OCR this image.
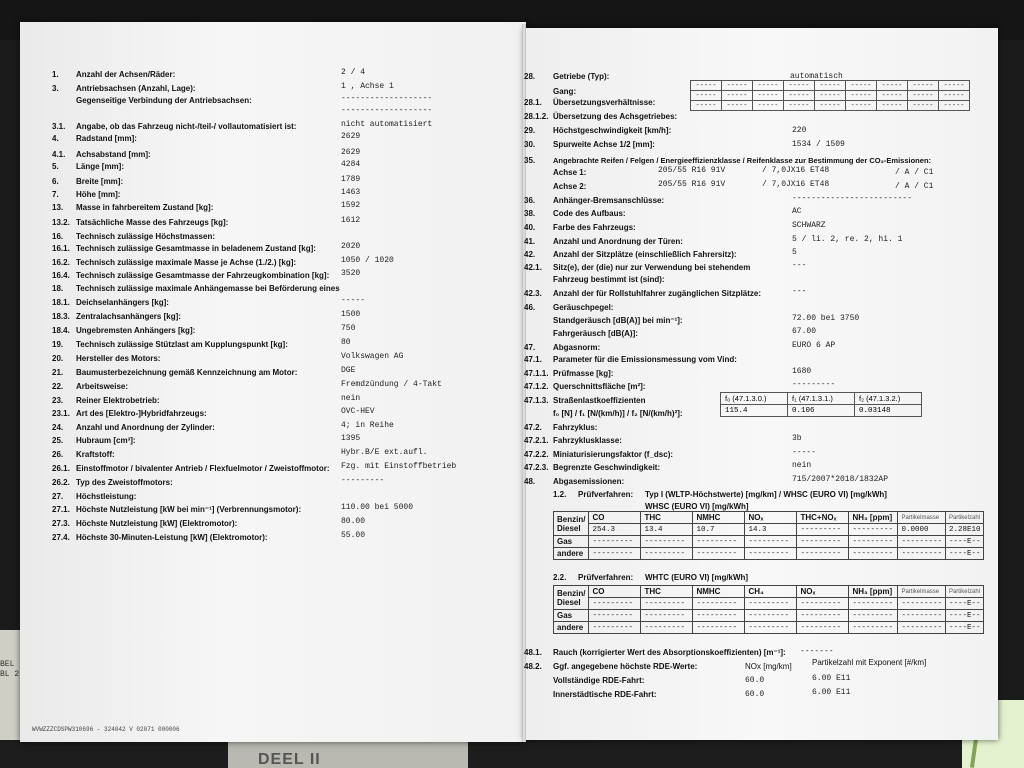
BEL
BL 2
DEEL II
1. Anzahl der Achsen/Räder:	2 / 4
3. Antriebsachsen (Anzahl, Lage):	1 , Achse 1
Gegenseitige Verbindung der Antriebsachsen:	-------------------
-------------------
3.1. Angabe, ob das Fahrzeug nicht-/teil-/ vollautomatisiert ist:	nicht automatisiert
4. Radstand [mm]:	2629
4.1. Achsabstand [mm]:	2629
5. Länge [mm]:	4284
6. Breite [mm]:	1789
7. Höhe [mm]:	1463
13. Masse in fahrbereitem Zustand [kg]:	1592
13.2. Tatsächliche Masse des Fahrzeugs [kg]:	1612
16. Technisch zulässige Höchstmassen:
16.1. Technisch zulässige Gesamtmasse in beladenem Zustand [kg]:	2020
16.2. Technisch zulässige maximale Masse je Achse (1./2.) [kg]:	1050 / 1020
16.4. Technisch zulässige Gesamtmasse der Fahrzeugkombination [kg]: 3520
18. Technisch zulässige maximale Anhängemasse bei Beförderung eines
18.1. Deichselanhängers [kg]:	-----
18.3. Zentralachsanhängers [kg]:	1500
18.4. Ungebremsten Anhängers [kg]:	750
19. Technisch zulässige Stützlast am Kupplungspunkt [kg]:	80
20. Hersteller des Motors:	Volkswagen AG
21. Baumusterbezeichnung gemäß Kennzeichnung am Motor:	DGE
22. Arbeitsweise:	Fremdzündung / 4-Takt
23. Reiner Elektrobetrieb:	nein
23.1. Art des [Elektro-]Hybridfahrzeugs:	OVC-HEV
24. Anzahl und Anordnung der Zylinder:	4; in Reihe
25. Hubraum [cm³]:	1395
26. Kraftstoff:	Hybr.B/E ext.aufl.
26.1. Einstoffmotor / bivalenter Antrieb / Flexfuelmotor / Zweistoffmotor: Fzg. mit Einstoffbetrieb
26.2. Typ des Zweistoffmotors:	---------
27. Höchstleistung:
27.1. Höchste Nutzleistung [kW bei min⁻¹] (Verbrennungsmotor):	110.00 bei 5000
27.3. Höchste Nutzleistung [kW] (Elektromotor):	80.00
27.4. Höchste 30-Minuten-Leistung [kW] (Elektromotor):	55.00
WVWZZZCDSPW310696 - 324042 V 02071 000006
28. Getriebe (Typ):	automatisch
Gang:
-----	-----	-----	-----	-----	-----	-----	-----	-----
-----	-----	-----	-----	-----	-----	-----	-----	-----
-----	-----	-----	-----	-----	-----	-----	-----	-----
28.1. Übersetzungsverhältnisse:
28.1.2. Übersetzung des Achsgetriebes:
29. Höchstgeschwindigkeit [km/h]:	220
30. Spurweite Achse 1/2 [mm]:	1534 / 1509
35. Angebrachte Reifen / Felgen / Energieeffizienzklasse / Reifenklasse zur Bestimmung der CO₂-Emissionen:
Achse 1:	205/55 R16 91V	/ 7,0JX16 ET48	/ A / C1
Achse 2:	205/55 R16 91V	/ 7,0JX16 ET48	/ A / C1
36. Anhänger-Bremsanschlüsse:	-------------------------
38. Code des Aufbaus:	AC
40. Farbe des Fahrzeugs:	SCHWARZ
41. Anzahl und Anordnung der Türen:	5 / li. 2, re. 2, hi. 1
42. Anzahl der Sitzplätze (einschließlich Fahrersitz):	5
42.1. Sitz(e), der (die) nur zur Verwendung bei stehendem	---
Fahrzeug bestimmt ist (sind):
42.3. Anzahl der für Rollstuhlfahrer zugänglichen Sitzplätze:	---
46. Geräuschpegel:
Standgeräusch [dB(A)] bei min⁻¹]:	72.00 bei 3750
Fahrgeräusch [dB(A)]:	67.00
47. Abgasnorm:	EURO 6 AP
47.1. Parameter für die Emissionsmessung vom Vind:
47.1.1. Prüfmasse [kg]:	1680
47.1.2. Querschnittsfläche [m²]:	---------
47.1.3. Straßenlastkoeffizienten
f₀ [N] / f₁ [N/(km/h)] / f₂ [N/(km/h)²]:
f₀ (47.1.3.0.)	f₁ (47.1.3.1.)	f₂ (47.1.3.2.)
115.4	0.106	0.03148
47.2. Fahrzyklus:
47.2.1. Fahrzyklusklasse:	3b
47.2.2. Miniaturisierungsfaktor (f_dsc):	-----
47.2.3. Begrenzte Geschwindigkeit:	nein
48. Abgasemissionen:	715/2007*2018/1832AP
1.2. Prüfverfahren: Typ I (WLTP-Höchstwerte) [mg/km] / WHSC (EURO VI) [mg/kWh]
WHSC (EURO VI) [mg/kWh]
Benzin/ Diesel	CO	THC	NMHC	NOₓ	THC+NOₓ	NH₃ [ppm]	Partikelmasse	Partikelzahl
	254.3	13.4	10.7	14.3	---------	---------	0.0000	2.28E10
Gas	---------	---------	---------	---------	---------	---------	---------	----E--
andere	---------	---------	---------	---------	---------	---------	---------	----E--
2.2. Prüfverfahren: WHTC (EURO VI) [mg/kWh]
Benzin/ Diesel	CO	THC	NMHC	CH₄	NOₓ	NH₃ [ppm]	Partikelmasse	Partikelzahl
	---------	---------	---------	---------	---------	---------	---------	----E--
Gas	---------	---------	---------	---------	---------	---------	---------	----E--
andere	---------	---------	---------	---------	---------	---------	---------	----E--
48.1. Rauch (korrigierter Wert des Absorptionskoeffizienten) [m⁻¹]: -------
48.2. Ggf. angegebene höchste RDE-Werte:	NOx [mg/km]	Partikelzahl mit Exponent [#/km]
Vollständige RDE-Fahrt:	60.0	6.00 E11
Innerstädtische RDE-Fahrt:	60.0	6.00 E11
